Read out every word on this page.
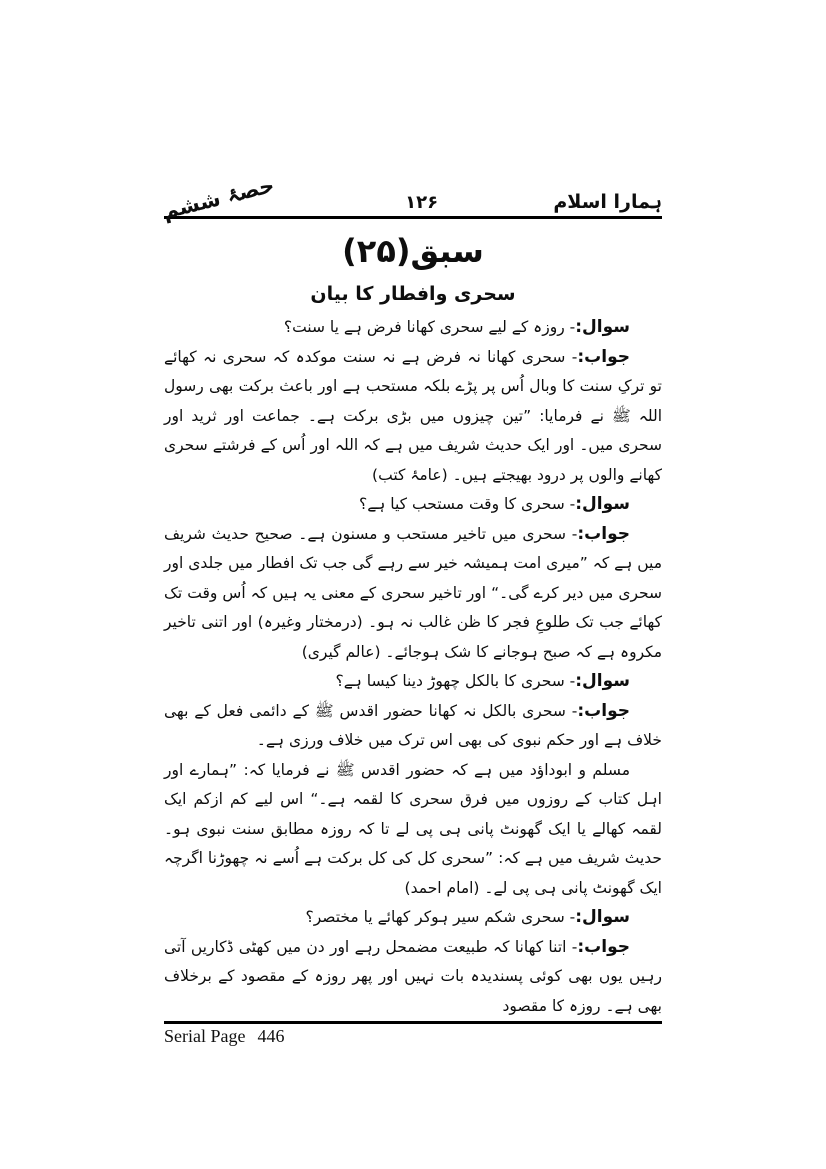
ہمارا اسلام
۱۲۶
حصۂ ششم
سبق(۲۵)
سحری وافطار کا بیان

سوال:- روزہ کے لیے سحری کھانا فرض ہے یا سنت؟

جواب:- سحری کھانا نہ فرض ہے نہ سنت موکدہ کہ سحری نہ کھائے تو ترکِ سنت کا وبال اُس پر پڑے بلکہ مستحب ہے اور باعث برکت بھی رسول اللہ ﷺ نے فرمایا: ”تین چیزوں میں بڑی برکت ہے۔ جماعت اور ثرید اور سحری میں۔ اور ایک حدیث شریف میں ہے کہ اللہ اور اُس کے فرشتے سحری کھانے والوں پر درود بھیجتے ہیں۔ (عامۂ کتب)

سوال:- سحری کا وقت مستحب کیا ہے؟

جواب:- سحری میں تاخیر مستحب و مسنون ہے۔ صحیح حدیث شریف میں ہے کہ ”میری امت ہمیشہ خیر سے رہے گی جب تک افطار میں جلدی اور سحری میں دیر کرے گی۔“ اور تاخیر سحری کے معنی یہ ہیں کہ اُس وقت تک کھائے جب تک طلوعِ فجر کا ظن غالب نہ ہو۔ (درمختار وغیرہ) اور اتنی تاخیر مکروہ ہے کہ صبح ہوجانے کا شک ہوجائے۔ (عالم گیری)

سوال:- سحری کا بالکل چھوڑ دینا کیسا ہے؟

جواب:- سحری بالکل نہ کھانا حضور اقدس ﷺ کے دائمی فعل کے بھی خلاف ہے اور حکم نبوی کی بھی اس ترک میں خلاف ورزی ہے۔

مسلم و ابوداؤد میں ہے کہ حضور اقدس ﷺ نے فرمایا کہ: ”ہمارے اور اہل کتاب کے روزوں میں فرق سحری کا لقمہ ہے۔“ اس لیے کم ازکم ایک لقمہ کھالے یا ایک گھونٹ پانی ہی پی لے تا کہ روزہ مطابق سنت نبوی ہو۔ حدیث شریف میں ہے کہ: ”سحری کل کی کل برکت ہے اُسے نہ چھوڑنا اگرچہ ایک گھونٹ پانی ہی پی لے۔ (امام احمد)

سوال:- سحری شکم سیر ہوکر کھائے یا مختصر؟

جواب:- اتنا کھانا کہ طبیعت مضمحل رہے اور دن میں کھٹی ڈکاریں آتی رہیں یوں بھی کوئی پسندیدہ بات نہیں اور پھر روزہ کے مقصود کے برخلاف بھی ہے۔ روزہ کا مقصود

Serial Page 446
